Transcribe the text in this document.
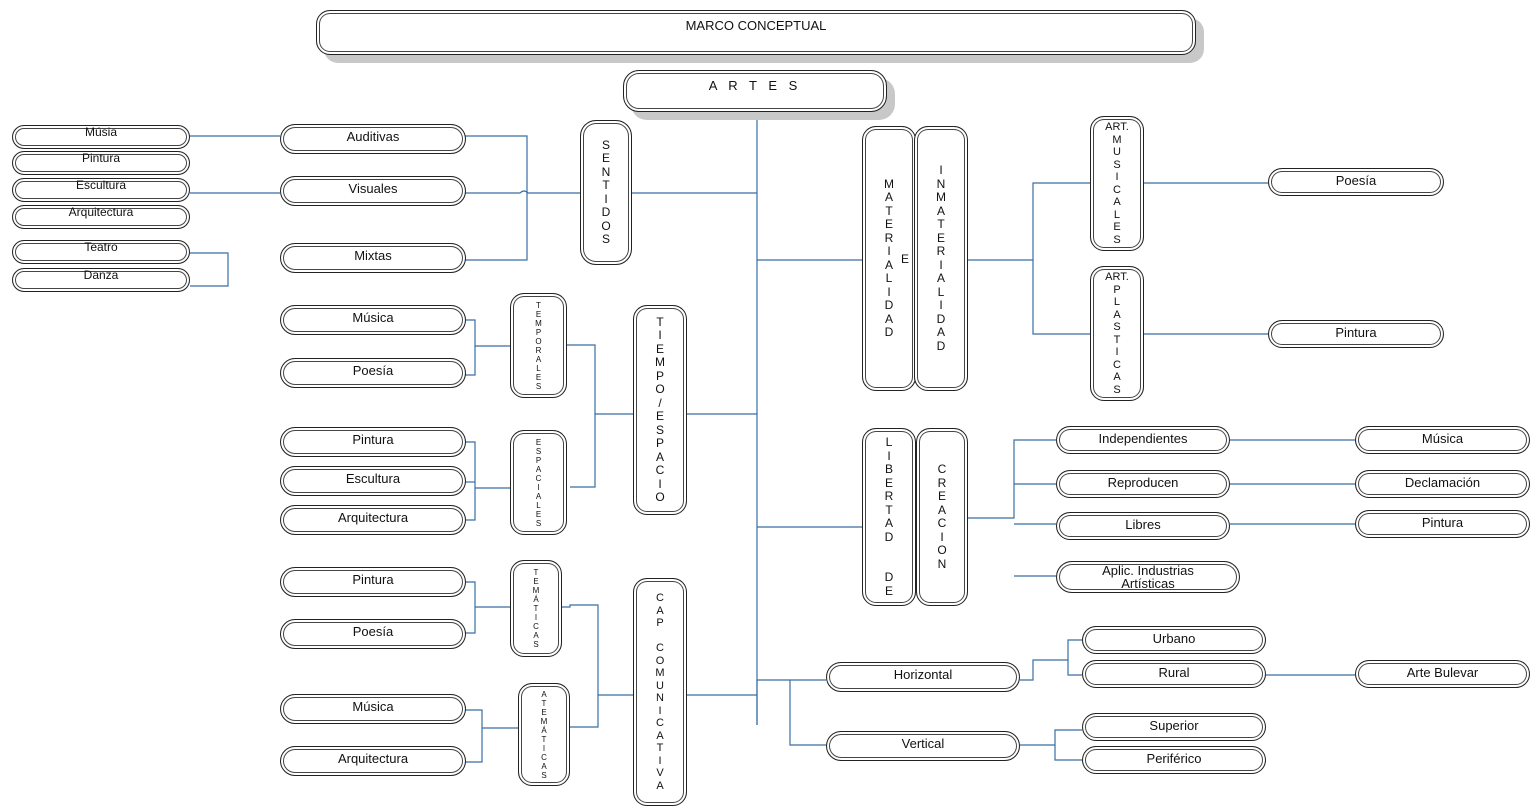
MARCO CONCEPTUAL
A R T E S
S
E
N
T
I
D
O
S
Auditivas
Visuales
Mixtas
Músia
Pintura
Escultura
Arquitectura
Teatro
Danza
T
I
E
M
P
O
/
E
S
P
A
C
I
O
T
E
M
P
O
R
A
L
E
S
E
S
P
A
C
I
A
L
E
S
Música
Poesía
Pintura
Escultura
Arquitectura
C
A
P

C
O
M
U
N
I
C
A
T
I
V
A
T
E
M
Á
T
I
C
A
S
A
T
E
M
Á
T
I
C
A
S
Pintura
Poesía
Música
Arquitectura
M
A
T
E
R
I
A
L
I
D
A
D
E
I
N
M
A
T
E
R
I
A
L
I
D
A
D
ART.
M
U
S
I
C
A
L
E
S
ART.
P
L
A
S
T
I
C
A
S
Poesía
Pintura
L
I
B
E
R
T
A
D

D
E
C
R
E
A
C
I
O
N
Independientes
Reproducen
Libres
Aplic. Industrias
Artísticas
Música
Declamación
Pintura
Horizontal
Vertical
Urbano
Rural
Superior
Periférico
Arte Bulevar
